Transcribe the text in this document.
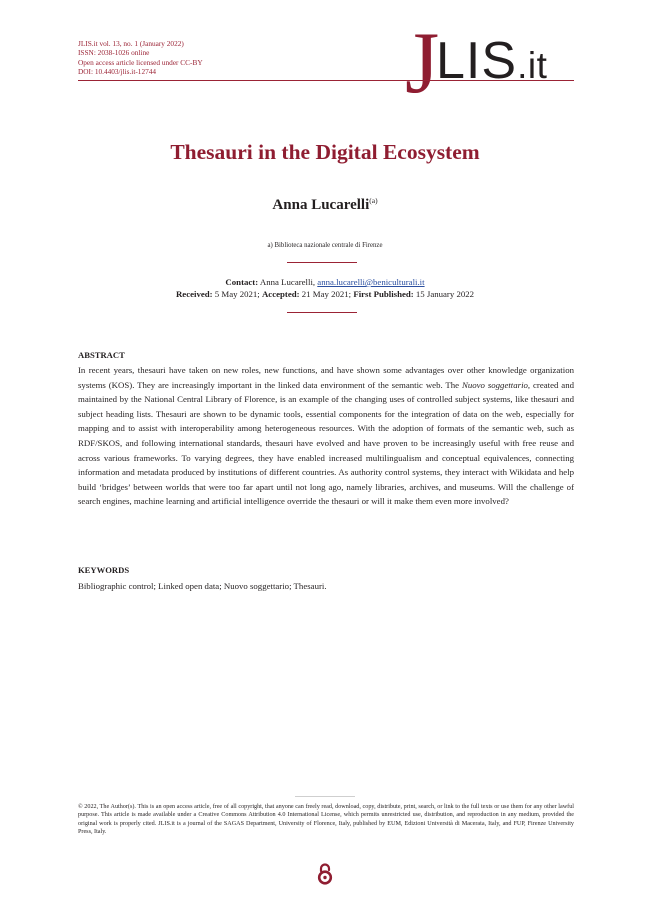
JLIS.it vol. 13, no. 1 (January 2022)
ISSN: 2038-1026 online
Open access article licensed under CC-BY
DOI: 10.4403/jlis.it-12744	J
LIS.it
Thesauri in the Digital Ecosystem
Anna Lucarelli$^{(a)}$
a) Biblioteca nazionale centrale di Firenze
Contact: Anna Lucarelli, anna.lucarelli@beniculturali.it
Received: 5 May 2021; Accepted: 21 May 2021; First Published: 15 January 2022
ABSTRACT
In recent years, thesauri have taken on new roles, new functions, and have shown some advantages over other knowledge organization systems (KOS). They are increasingly important in the linked data environment of the semantic web. The Nuovo soggettario, created and maintained by the National Central Library of Florence, is an example of the changing uses of controlled subject systems, like thesauri and subject heading lists. Thesauri are shown to be dynamic tools, essential components for the integration of data on the web, especially for mapping and to assist with interoperability among heterogeneous resources. With the adoption of formats of the semantic web, such as RDF/SKOS, and following international standards, thesauri have evolved and have proven to be increasingly useful with free reuse and across various frameworks. To varying degrees, they have enabled increased multilingualism and conceptual equivalences, connecting information and metadata produced by institutions of different countries. As authority control systems, they interact with Wikidata and help build ‘bridges’ between worlds that were too far apart until not long ago, namely libraries, archives, and museums. Will the challenge of search engines, machine learning and artificial intelligence override the thesauri or will it make them even more involved?
KEYWORDS
Bibliographic control; Linked open data; Nuovo soggettario; Thesauri.
© 2022, The Author(s). This is an open access article, free of all copyright, that anyone can freely read, download, copy, distribute, print, search, or link to the full texts or use them for any other lawful purpose. This article is made available under a Creative Commons Attribution 4.0 International License, which permits unrestricted use, distribution, and reproduction in any medium, provided the original work is properly cited. JLIS.it is a journal of the SAGAS Department, University of Florence, Italy, published by EUM, Edizioni Università di Macerata, Italy, and FUP, Firenze University Press, Italy.
